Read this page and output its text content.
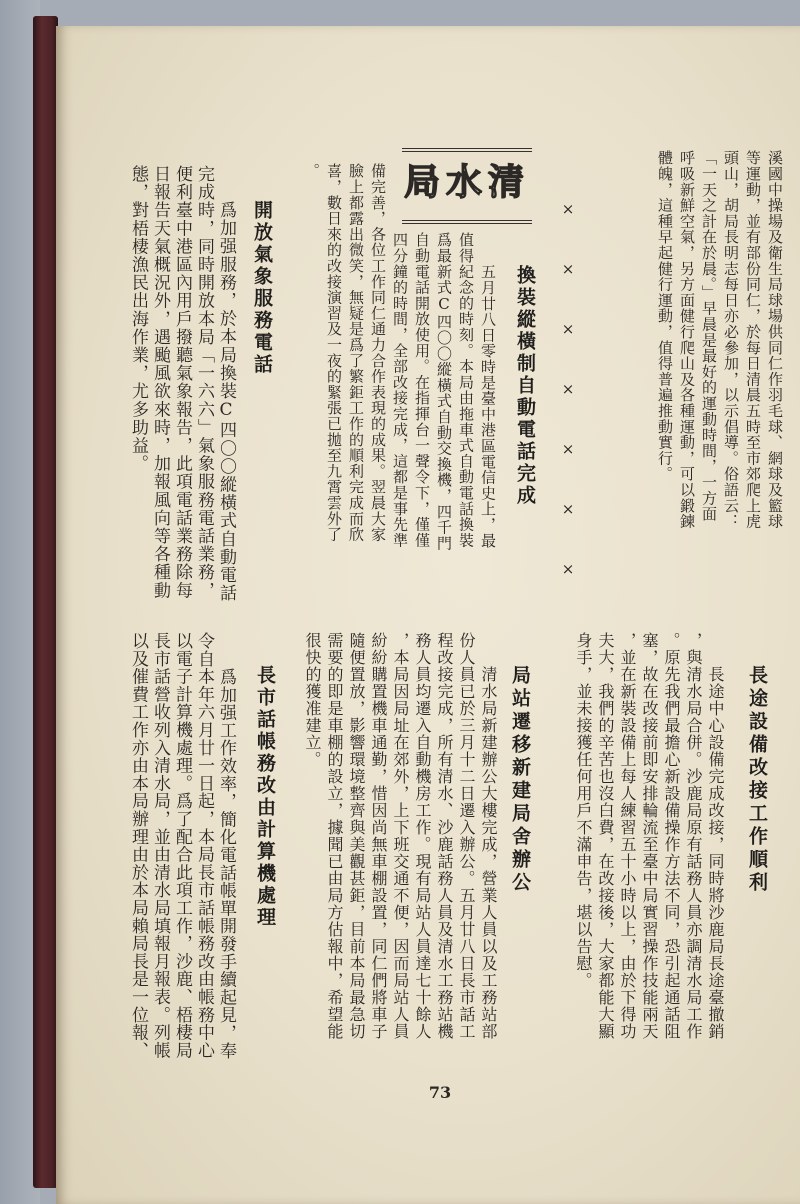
清水局	溪國中操場及衛生局球場供同仁作羽毛球、網球及籃球
等運動，並有部份同仁，於每日清晨五時至市郊爬上虎
頭山，胡局長明志每日亦必參加，以示倡導。俗語云：
「一天之計在於晨。」早晨是最好的運動時間，一方面
呼吸新鮮空氣，另方面健行爬山及各種運動，可以鍛鍊
體魄，這種早起健行運動，值得普遍推動實行。
×××××××
換裝縱橫制自動電話完成
五月廿八日零時是臺中港區電信史上，最
值得紀念的時刻。本局由拖車式自動電話換裝
爲最新式C四〇〇縱橫式自動交換機，四千門
自動電話開放使用。在指揮台一聲令下，僅僅
四分鐘的時間，全部改接完成，這都是事先準
備完善，各位工作同仁通力合作表現的成果。翌晨大家
臉上都露出微笑，無疑是爲了繁鉅工作的順利完成而欣
喜，數日來的改接演習及一夜的緊張已拋至九霄雲外了
。
開放氣象服務電話
爲加强服務，於本局換裝C四〇〇縱橫式自動電話
完成時，同時開放本局「一六六」氣象服務電話業務，
便利臺中港區內用戶撥聽氣象報告，此項電話業務除每
日報告天氣概況外，遇颱風欲來時，加報風向等各種動
態，對梧棲漁民出海作業，尤多助益。
長途設備改接工作順利
長途中心設備完成改接，同時將沙鹿局長途臺撤銷
，與清水局合併。沙鹿局原有話務人員亦調清水局工作
。原先我們最擔心新設備操作方法不同，恐引起通話阻
塞，故在改接前即安排輪流至臺中局實習操作技能兩天
，並在新裝設備上每人練習五十小時以上，由於下得功
夫大，我們的辛苦也沒白費，在改接後，大家都能大顯
身手，並未接獲任何用戶不滿申告，堪以告慰。
局站遷移新建局舍辦公
清水局新建辦公大樓完成，營業人員以及工務站部
份人員已於三月十二日遷入辦公。五月廿八日長市話工
程改接完成，所有清水、沙鹿話務人員及清水工務站機
務人員均遷入自動機房工作。現有局站人員達七十餘人
，本局因局址在郊外，上下班交通不便，因而局站人員
紛紛購置機車通勤，惜因尚無車棚設置，同仁們將車子
隨便置放，影響環境整齊與美觀甚鉅，目前本局最急切
需要的即是車棚的設立，據聞已由局方估報中，希望能
很快的獲准建立。
長市話帳務改由計算機處理
爲加强工作效率，簡化電話帳單開發手續起見，奉
令自本年六月廿一日起，本局長市話帳務改由帳務中心
以電子計算機處理。爲了配合此項工作，沙鹿、梧棲局
長市話營收列入清水局，並由清水局填報月報表。列帳
以及催費工作亦由本局辦理由於本局賴局長是一位報、
73
